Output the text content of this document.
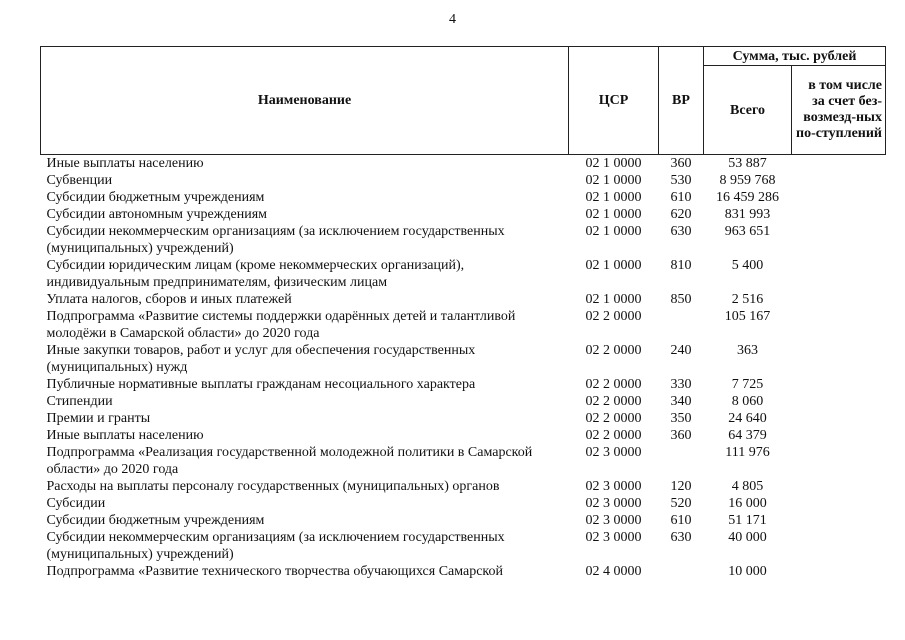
4
Наименование	ЦСР	ВР	Сумма, тыс. рублей	
			Всего	в том числе за счет без-возмезд-ных по-ступлений
Иные выплаты населению	02 1 0000	360	53 887	
Субвенции	02 1 0000	530	8 959 768	
Субсидии бюджетным учреждениям	02 1 0000	610	16 459 286	
Субсидии автономным учреждениям	02 1 0000	620	831 993	
Субсидии некоммерческим организациям (за исключением государственных (муниципальных) учреждений)	02 1 0000	630	963 651	
Субсидии юридическим лицам (кроме некоммерческих организаций), индивидуальным предпринимателям, физическим лицам	02 1 0000	810	5 400	
Уплата налогов, сборов и иных платежей	02 1 0000	850	2 516	
Подпрограмма «Развитие системы поддержки одарённых детей и талантливой молодёжи в Самарской области» до 2020 года	02 2 0000		105 167	
Иные закупки товаров, работ и услуг для обеспечения государственных (муниципальных) нужд	02 2 0000	240	363	
Публичные нормативные выплаты гражданам несоциального характера	02 2 0000	330	7 725	
Стипендии	02 2 0000	340	8 060	
Премии и гранты	02 2 0000	350	24 640	
Иные выплаты населению	02 2 0000	360	64 379	
Подпрограмма «Реализация государственной молодежной политики в Самарской области» до 2020 года	02 3 0000		111 976	
Расходы на выплаты персоналу государственных (муниципальных) органов	02 3 0000	120	4 805	
Субсидии	02 3 0000	520	16 000	
Субсидии бюджетным учреждениям	02 3 0000	610	51 171	
Субсидии некоммерческим организациям (за исключением государственных (муниципальных) учреждений)	02 3 0000	630	40 000	
Подпрограмма «Развитие технического творчества обучающихся Самарской	02 4 0000		10 000	
